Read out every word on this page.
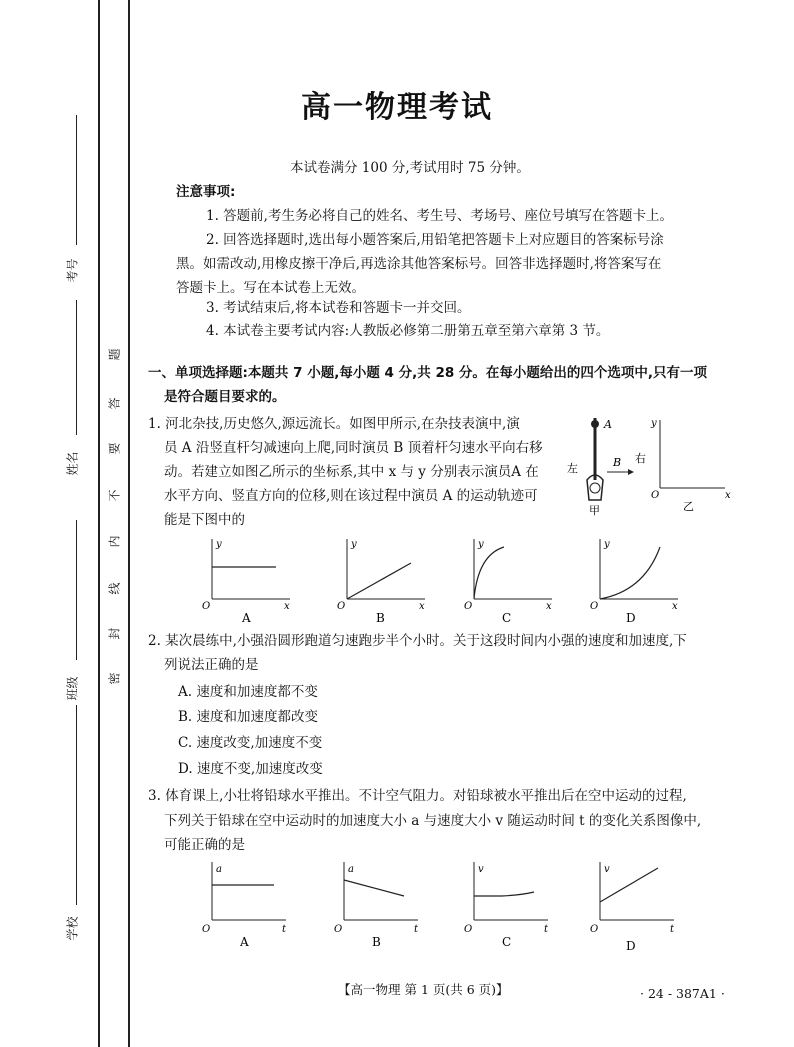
考号
姓名
班级
学校
题
答
要
不
内
线
封
密
高一物理考试
本试卷满分 100 分,考试用时 75 分钟。
注意事项:
1. 答题前,考生务必将自己的姓名、考生号、考场号、座位号填写在答题卡上。
2. 回答选择题时,选出每小题答案后,用铅笔把答题卡上对应题目的答案标号涂
黑。如需改动,用橡皮擦干净后,再选涂其他答案标号。回答非选择题时,将答案写在
答题卡上。写在本试卷上无效。
3. 考试结束后,将本试卷和答题卡一并交回。
4. 本试卷主要考试内容:人教版必修第二册第五章至第六章第 3 节。
一、单项选择题:本题共 7 小题,每小题 4 分,共 28 分。在每小题给出的四个选项中,只有一项
是符合题目要求的。
1. 河北杂技,历史悠久,源远流长。如图甲所示,在杂技表演中,演
员 A 沿竖直杆匀减速向上爬,同时演员 B 顶着杆匀速水平向右移
动。若建立如图乙所示的坐标系,其中 x 与 y 分别表示演员A 在
水平方向、竖直方向的位移,则在该过程中演员 A 的运动轨迹可
能是下图中的
A
左	B 右
甲
O
y
x
乙
O
y
x	O
y
x	O
y
x	O
y
x
A	B	C	D
2. 某次晨练中,小强沿圆形跑道匀速跑步半个小时。关于这段时间内小强的速度和加速度,下
列说法正确的是
A. 速度和加速度都不变
B. 速度和加速度都改变
C. 速度改变,加速度不变
D. 速度不变,加速度改变
3. 体育课上,小壮将铅球水平推出。不计空气阻力。对铅球被水平推出后在空中运动的过程,
下列关于铅球在空中运动时的加速度大小 a 与速度大小 v 随运动时间 t 的变化关系图像中,
可能正确的是
O
a
t	O
a
t	O
v
t	O
v
t
A	B	C	D
【高一物理 第 1 页(共 6 页)】	· 24 - 387A1 ·
